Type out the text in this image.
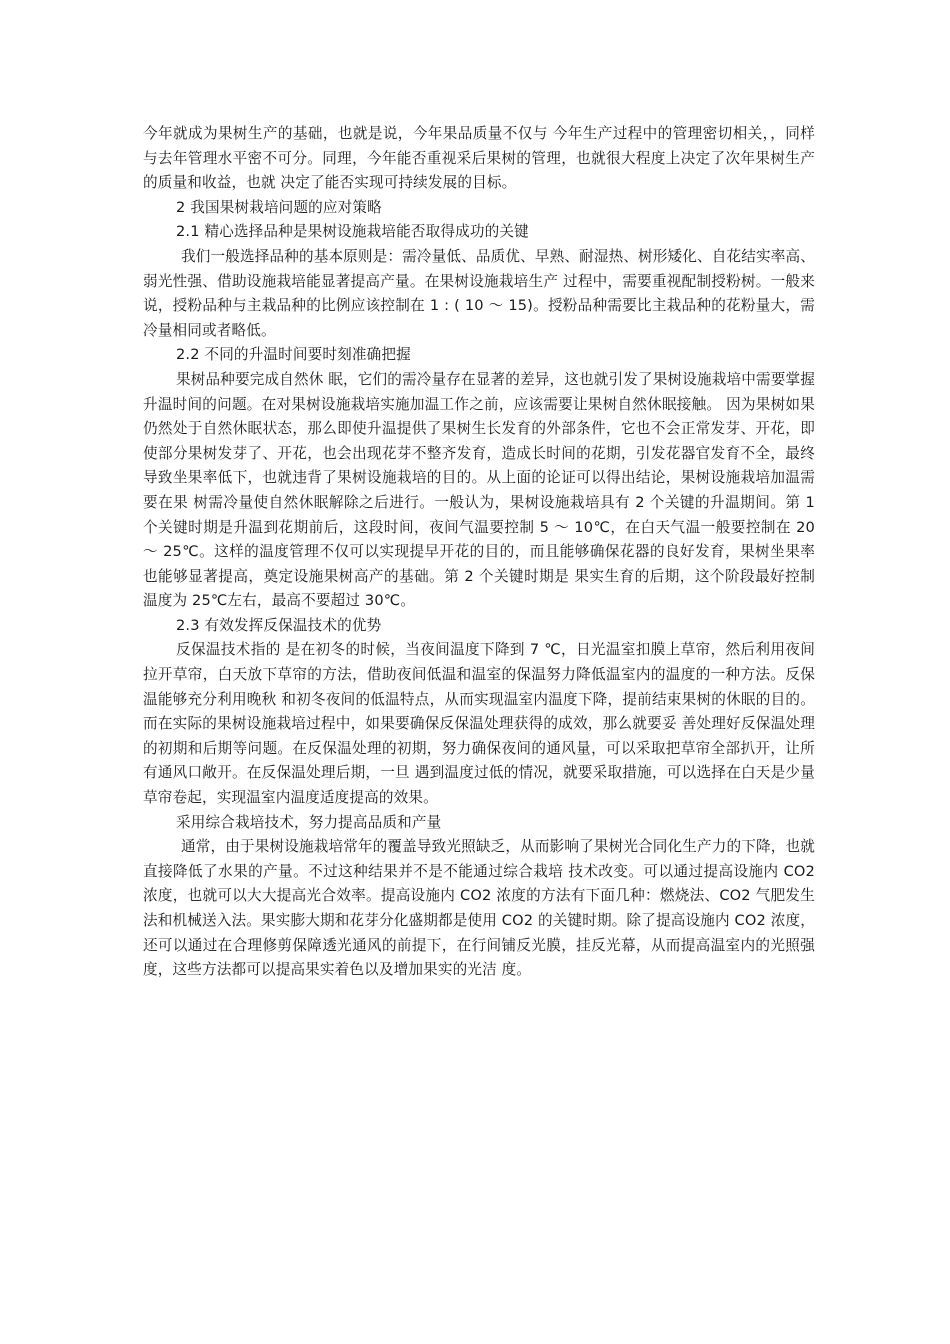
今年就成为果树生产的基础，也就是说，今年果品质量不仅与 今年生产过程中的管理密切相关，，同样与去年管理水平密不可分。同理，今年能否重视采后果树的管理，也就很大程度上决定了次年果树生产的质量和收益，也就 决定了能否实现可持续发展的目标。

2 我国果树栽培问题的应对策略

2.1 精心选择品种是果树设施栽培能否取得成功的关键

我们一般选择品种的基本原则是：需冷量低、品质优、早熟、耐湿热、树形矮化、自花结实率高、弱光性强、借助设施栽培能显著提高产量。在果树设施栽培生产 过程中，需要重视配制授粉树。一般来说，授粉品种与主栽品种的比例应该控制在 1 : ( 10 ～ 15)。授粉品种需要比主栽品种的花粉量大，需冷量相同或者略低。

2.2 不同的升温时间要时刻准确把握

果树品种要完成自然休 眠，它们的需冷量存在显著的差异，这也就引发了果树设施栽培中需要掌握升温时间的问题。在对果树设施栽培实施加温工作之前，应该需要让果树自然休眠接触。 因为果树如果仍然处于自然休眠状态，那么即使升温提供了果树生长发育的外部条件，它也不会正常发芽、开花，即使部分果树发芽了、开花，也会出现花芽不整齐发育，造成长时间的花期，引发花器官发育不全，最终导致坐果率低下，也就违背了果树设施栽培的目的。从上面的论证可以得出结论，果树设施栽培加温需要在果 树需冷量使自然休眠解除之后进行。一般认为，果树设施栽培具有 2 个关键的升温期间。第 1 个关键时期是升温到花期前后，这段时间，夜间气温要控制 5 ～ 10℃，在白天气温一般要控制在 20 ～ 25℃。这样的温度管理不仅可以实现提早开花的目的，而且能够确保花器的良好发育，果树坐果率也能够显著提高，奠定设施果树高产的基础。第 2 个关键时期是 果实生育的后期，这个阶段最好控制温度为 25℃左右，最高不要超过 30℃。

2.3 有效发挥反保温技术的优势

反保温技术指的 是在初冬的时候，当夜间温度下降到 7 ℃，日光温室扣膜上草帘，然后利用夜间拉开草帘，白天放下草帘的方法，借助夜间低温和温室的保温努力降低温室内的温度的一种方法。反保温能够充分利用晚秋 和初冬夜间的低温特点，从而实现温室内温度下降，提前结束果树的休眠的目的。而在实际的果树设施栽培过程中，如果要确保反保温处理获得的成效，那么就要妥 善处理好反保温处理的初期和后期等问题。在反保温处理的初期，努力确保夜间的通风量，可以采取把草帘全部扒开，让所有通风口敞开。在反保温处理后期，一旦 遇到温度过低的情况，就要采取措施，可以选择在白天是少量草帘卷起，实现温室内温度适度提高的效果。

采用综合栽培技术，努力提高品质和产量

通常，由于果树设施栽培常年的覆盖导致光照缺乏，从而影响了果树光合同化生产力的下降，也就直接降低了水果的产量。不过这种结果并不是不能通过综合栽培 技术改变。可以通过提高设施内 CO2 浓度，也就可以大大提高光合效率。提高设施内 CO2 浓度的方法有下面几种：燃烧法、CO2 气肥发生法和机械送入法。果实膨大期和花芽分化盛期都是使用 CO2 的关键时期。除了提高设施内 CO2 浓度，还可以通过在合理修剪保障透光通风的前提下，在行间铺反光膜，挂反光幕，从而提高温室内的光照强度，这些方法都可以提高果实着色以及增加果实的光洁 度。
